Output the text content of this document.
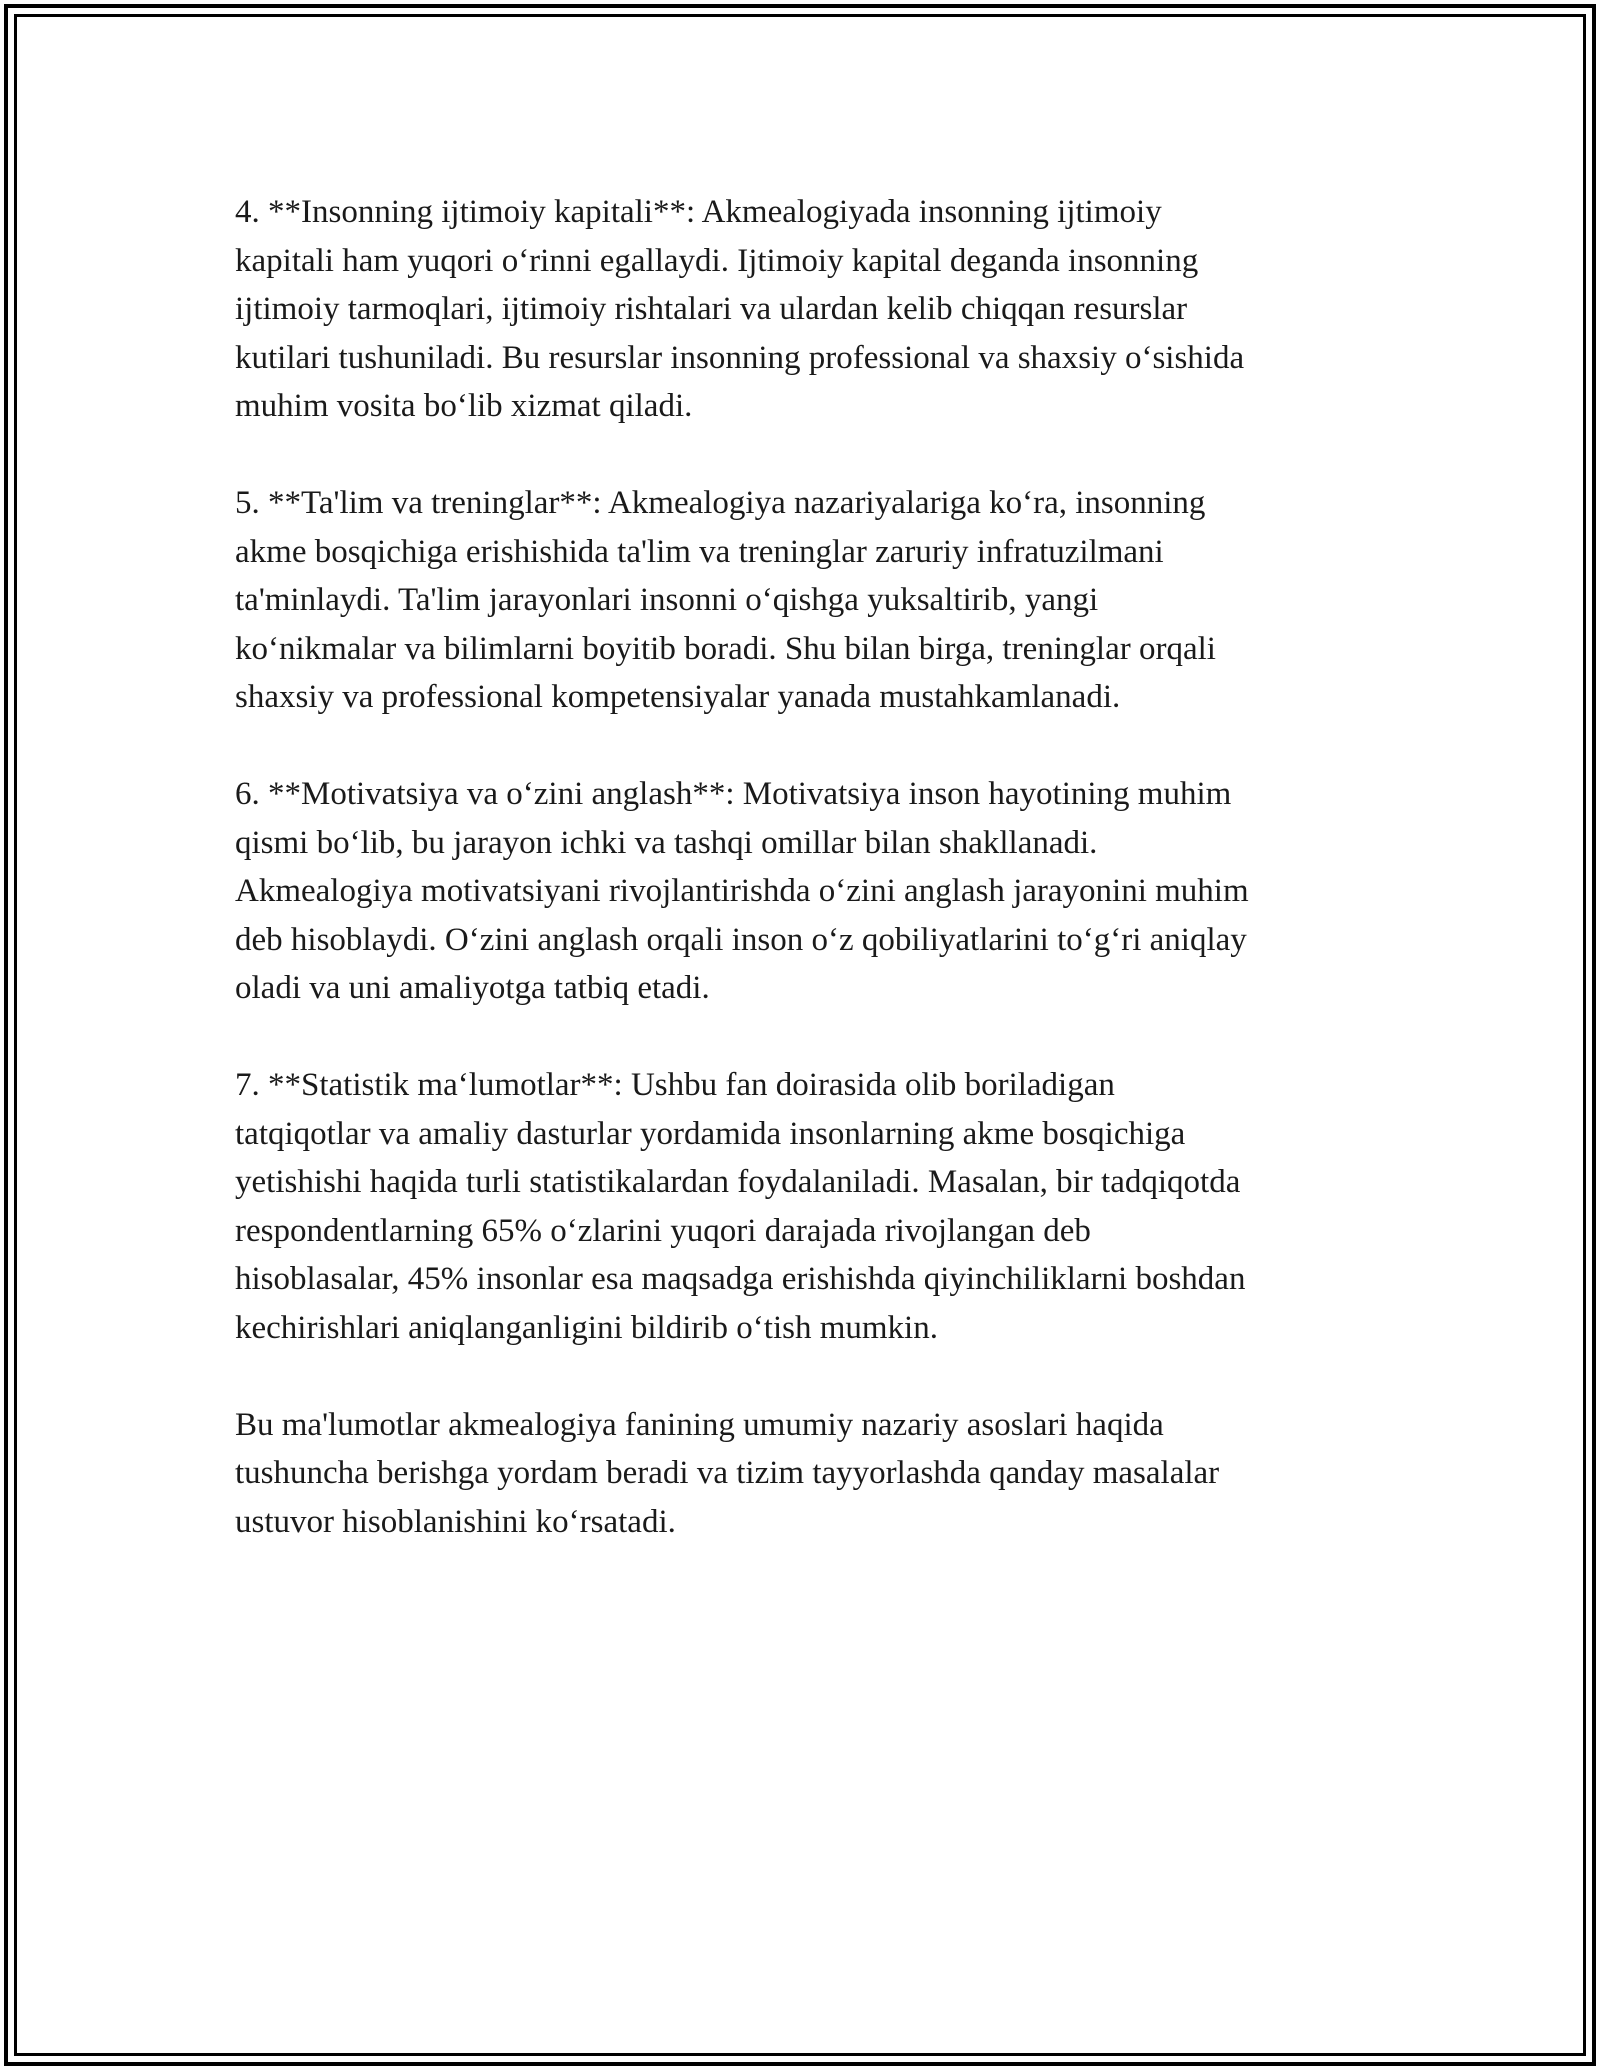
4. **Insonning ijtimoiy kapitali**: Akmealogiyada insonning ijtimoiy
kapitali ham yuqori o‘rinni egallaydi. Ijtimoiy kapital deganda insonning
ijtimoiy tarmoqlari, ijtimoiy rishtalari va ulardan kelib chiqqan resurslar
kutilari tushuniladi. Bu resurslar insonning professional va shaxsiy o‘sishida
muhim vosita bo‘lib xizmat qiladi.

5. **Ta'lim va treninglar**: Akmealogiya nazariyalariga ko‘ra, insonning
akme bosqichiga erishishida ta'lim va treninglar zaruriy infratuzilmani
ta'minlaydi. Ta'lim jarayonlari insonni o‘qishga yuksaltirib, yangi
ko‘nikmalar va bilimlarni boyitib boradi. Shu bilan birga, treninglar orqali
shaxsiy va professional kompetensiyalar yanada mustahkamlanadi.

6. **Motivatsiya va o‘zini anglash**: Motivatsiya inson hayotining muhim
qismi bo‘lib, bu jarayon ichki va tashqi omillar bilan shakllanadi.
Akmealogiya motivatsiyani rivojlantirishda o‘zini anglash jarayonini muhim
deb hisoblaydi. O‘zini anglash orqali inson o‘z qobiliyatlarini to‘g‘ri aniqlay
oladi va uni amaliyotga tatbiq etadi.

7. **Statistik ma‘lumotlar**: Ushbu fan doirasida olib boriladigan
tatqiqotlar va amaliy dasturlar yordamida insonlarning akme bosqichiga
yetishishi haqida turli statistikalardan foydalaniladi. Masalan, bir tadqiqotda
respondentlarning 65% o‘zlarini yuqori darajada rivojlangan deb
hisoblasalar, 45% insonlar esa maqsadga erishishda qiyinchiliklarni boshdan
kechirishlari aniqlanganligini bildirib o‘tish mumkin.

Bu ma'lumotlar akmealogiya fanining umumiy nazariy asoslari haqida
tushuncha berishga yordam beradi va tizim tayyorlashda qanday masalalar
ustuvor hisoblanishini ko‘rsatadi.
